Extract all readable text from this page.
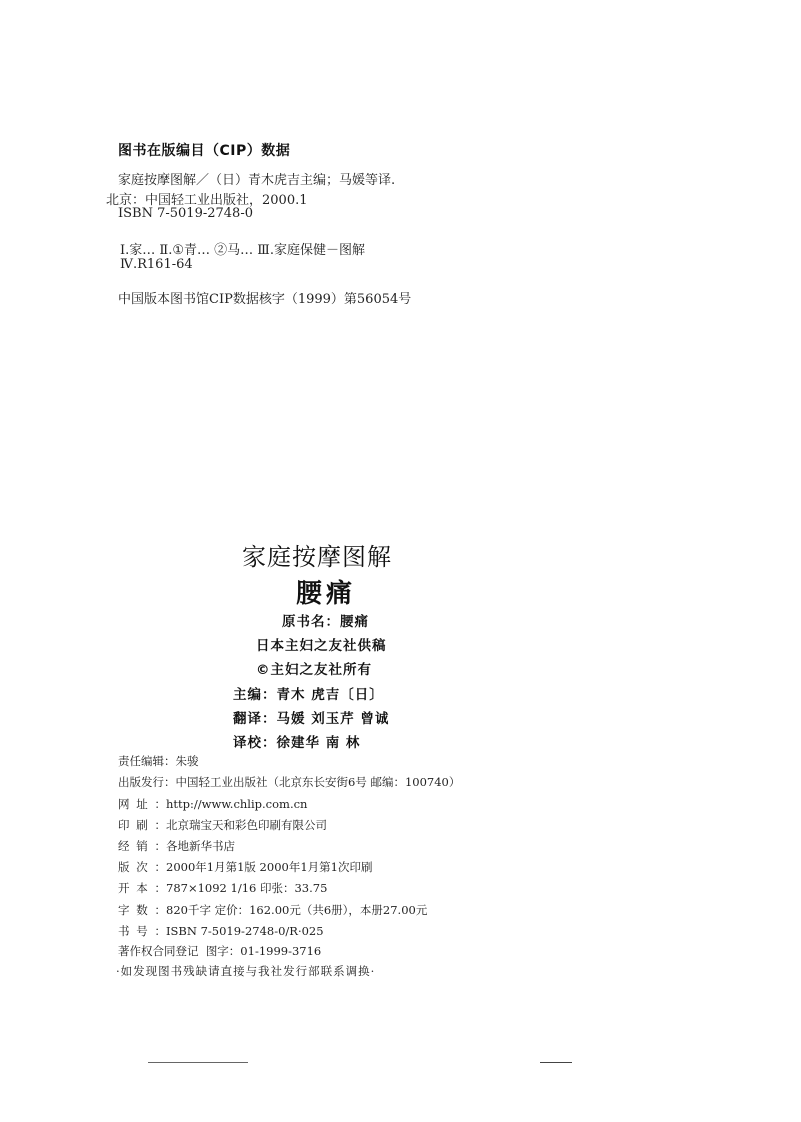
图书在版编目（CIP）数据
家庭按摩图解／（日）青木虎吉主编；马媛等译.
北京：中国轻工业出版社，2000.1
ISBN 7-5019-2748-0
Ⅰ.家… Ⅱ.①青… ②马… Ⅲ.家庭保健－图解
Ⅳ.R161-64
中国版本图书馆CIP数据核字（1999）第56054号
家庭按摩图解
腰痛
原书名：腰痛
日本主妇之友社供稿
©主妇之友社所有
主编：青木 虎吉〔日〕
翻译：马媛 刘玉芹 曾诚
译校：徐建华 南 林
责任编辑：朱骏
出版发行：中国轻工业出版社（北京东长安街6号 邮编：100740）
网址：http://www.chlip.com.cn
印刷：北京瑞宝天和彩色印刷有限公司
经销：各地新华书店
版次：2000年1月第1版 2000年1月第1次印刷
开本：787×1092 1/16 印张：33.75
字数：820千字 定价：162.00元（共6册），本册27.00元
书号：ISBN 7-5019-2748-0/R·025
著作权合同登记 图字：01-1999-3716
·如发现图书残缺请直接与我社发行部联系调换·
